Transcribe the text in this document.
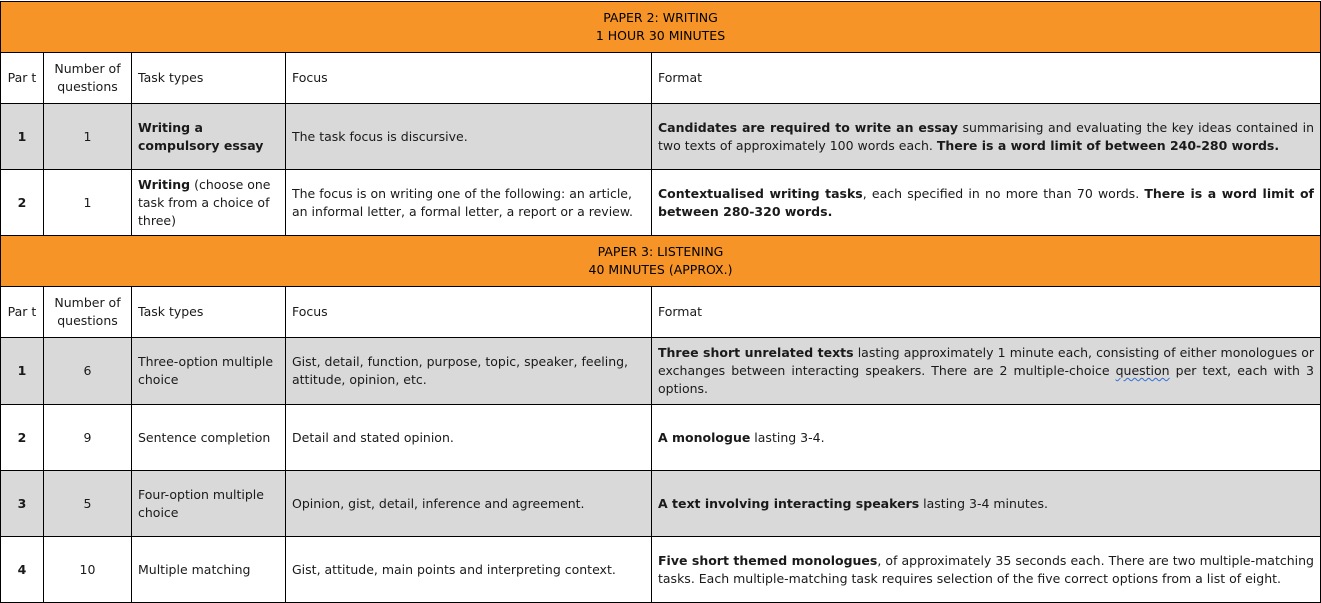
PAPER 2: WRITING
1 HOUR 30 MINUTES				

Par t	Number of questions	Task types	Focus	Format
1	1	Writing a compulsory essay	The task focus is discursive.	Candidates are required to write an essay summarising and evaluating the key ideas contained in two texts of approximately 100 words each. There is a word limit of between 240-280 words.
2	1	Writing (choose one task from a choice of three)	The focus is on writing one of the following: an article, an informal letter, a formal letter, a report or a review.	Contextualised writing tasks, each specified in no more than 70 words. There is a word limit of between 280-320 words.

PAPER 3: LISTENING
40 MINUTES (APPROX.)				

Par t	Number of questions	Task types	Focus	Format
1	6	Three-option multiple choice	Gist, detail, function, purpose, topic, speaker, feeling, attitude, opinion, etc.	Three short unrelated texts lasting approximately 1 minute each, consisting of either monologues or exchanges between interacting speakers. There are 2 multiple-choice question per text, each with 3 options.
2	9	Sentence completion	Detail and stated opinion.	A monologue lasting 3-4.
3	5	Four-option multiple choice	Opinion, gist, detail, inference and agreement.	A text involving interacting speakers lasting 3-4 minutes.
4	10	Multiple matching	Gist, attitude, main points and interpreting context.	Five short themed monologues, of approximately 35 seconds each. There are two multiple-matching tasks. Each multiple-matching task requires selection of the five correct options from a list of eight.
